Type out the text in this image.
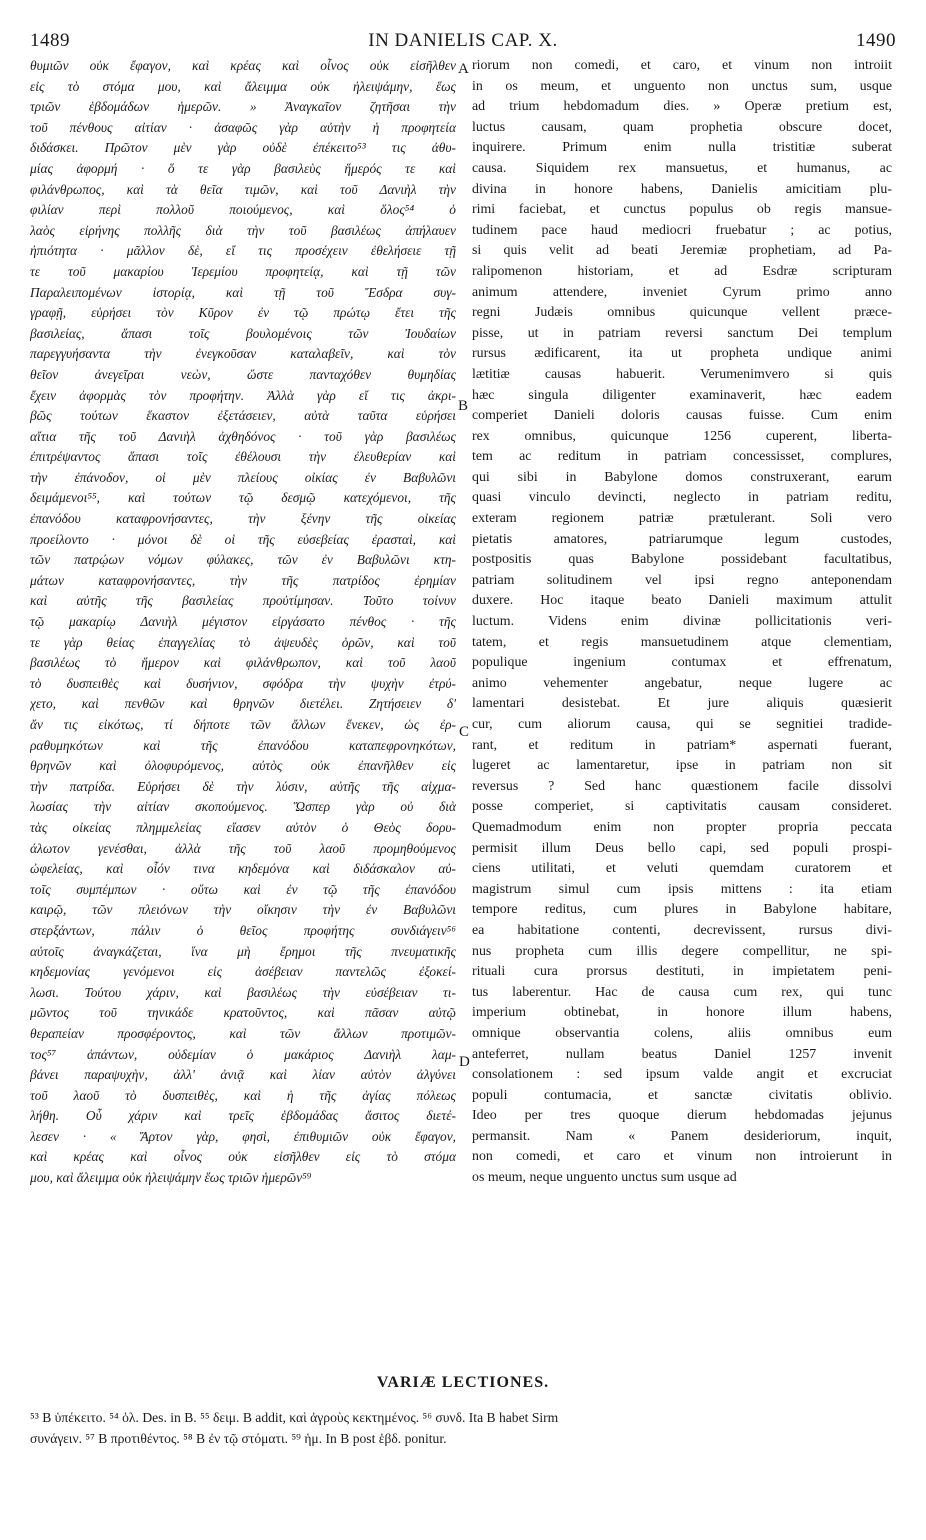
1489	IN DANIELIS CAP. X.	1490
θυμιῶν οὐκ ἔφαγον, καὶ κρέας καὶ οἶνος οὐκ εἰσῆλθεν
εἰς τὸ στόμα μου, καὶ ἄλειμμα οὐκ ἠλειψάμην, ἕως
τριῶν ἑβδομάδων ἡμερῶν. » Ἀναγκαῖον ζητῆσαι τὴν
τοῦ πένθους αἰτίαν · ἀσαφῶς γὰρ αὐτὴν ἡ προφητεία
διδάσκει. Πρῶτον μὲν γὰρ οὐδὲ ἐπέκειτο⁵³ τις ἀθυ-
μίας ἀφορμή · ὅ τε γὰρ βασιλεὺς ἥμερός τε καὶ
φιλάνθρωπος, καὶ τὰ θεῖα τιμῶν, καὶ τοῦ Δανιὴλ τὴν
φιλίαν περὶ πολλοῦ ποιούμενος, καὶ ὅλος⁵⁴ ὁ
λαὸς εἰρήνης πολλῆς διὰ τὴν τοῦ βασιλέως ἀπήλαυεν
ἠπιότητα · μᾶλλον δὲ, εἴ τις προσέχειν ἐθελήσειε τῇ
τε τοῦ μακαρίου Ἱερεμίου προφητείᾳ, καὶ τῇ τῶν
Παραλειπομένων ἱστορίᾳ, καὶ τῇ τοῦ Ἔσδρα συγ-
γραφῇ, εὑρήσει τὸν Κῦρον ἐν τῷ πρώτῳ ἔτει τῆς
βασιλείας, ἅπασι τοῖς βουλομένοις τῶν Ἰουδαίων
παρεγγυήσαντα τὴν ἐνεγκοῦσαν καταλαβεῖν, καὶ τὸν
θεῖον ἀνεγεῖραι νεὼν, ὥστε πανταχόθεν θυμηδίας
ἔχειν ἀφορμὰς τὸν προφήτην. Ἀλλὰ γὰρ εἴ τις ἀκρι-
βῶς τούτων ἕκαστον ἐξετάσειεν, αὐτὰ ταῦτα εὑρήσει
αἴτια τῆς τοῦ Δανιὴλ ἀχθηδόνος · τοῦ γὰρ βασιλέως
ἐπιτρέψαντος ἅπασι τοῖς ἐθέλουσι τὴν ἐλευθερίαν καὶ
τὴν ἐπάνοδον, οἱ μὲν πλείους οἰκίας ἐν Βαβυλῶνι
δειμάμενοι⁵⁵, καὶ τούτων τῷ δεσμῷ κατεχόμενοι, τῆς
ἐπανόδου καταφρονήσαντες, τὴν ξένην τῆς οἰκείας
προείλοντο · μόνοι δὲ οἱ τῆς εὐσεβείας ἐρασταὶ, καὶ
τῶν πατρῴων νόμων φύλακες, τῶν ἐν Βαβυλῶνι κτη-
μάτων καταφρονήσαντες, τὴν τῆς πατρίδος ἐρημίαν
καὶ αὐτῆς τῆς βασιλείας προὐτίμησαν. Τοῦτο τοίνυν
τῷ μακαρίῳ Δανιὴλ μέγιστον εἰργάσατο πένθος · τῆς
τε γὰρ θείας ἐπαγγελίας τὸ ἀψευδὲς ὁρῶν, καὶ τοῦ
βασιλέως τὸ ἥμερον καὶ φιλάνθρωπον, καὶ τοῦ λαοῦ
τὸ δυσπειθὲς καὶ δυσήνιον, σφόδρα τὴν ψυχὴν ἐτρύ-
χετο, καὶ πενθῶν καὶ θρηνῶν διετέλει. Ζητήσειεν δ'
ἄν τις εἰκότως, τί δήποτε τῶν ἄλλων ἕνεκεν, ὡς ἐρ-
ραθυμηκότων καὶ τῆς ἐπανόδου καταπεφρονηκότων,
θρηνῶν καὶ ὀλοφυρόμενος, αὐτὸς οὐκ ἐπανῆλθεν εἰς
τὴν πατρίδα. Εὑρήσει δὲ τὴν λύσιν, αὐτῆς τῆς αἰχμα-
λωσίας τὴν αἰτίαν σκοπούμενος. Ὥσπερ γὰρ οὐ διὰ
τὰς οἰκείας πλημμελείας εἴασεν αὐτὸν ὁ Θεὸς δορυ-
άλωτον γενέσθαι, ἀλλὰ τῆς τοῦ λαοῦ προμηθούμενος
ὠφελείας, καὶ οἷόν τινα κηδεμόνα καὶ διδάσκαλον αὐ-
τοῖς συμπέμπων · οὕτω καὶ ἐν τῷ τῆς ἐπανόδου
καιρῷ, τῶν πλειόνων τὴν οἴκησιν τὴν ἐν Βαβυλῶνι
στερξάντων, πάλιν ὁ θεῖος προφήτης συνδιάγειν⁵⁶
αὐτοῖς ἀναγκάζεται, ἵνα μὴ ἔρημοι τῆς πνευματικῆς
κηδεμονίας γενόμενοι εἰς ἀσέβειαν παντελῶς ἐξοκεί-
λωσι. Τούτου χάριν, καὶ βασιλέως τὴν εὐσέβειαν τι-
μῶντος τοῦ τηνικάδε κρατοῦντος, καὶ πᾶσαν αὐτῷ
θεραπείαν προσφέροντος, καὶ τῶν ἄλλων προτιμῶν-
τος⁵⁷ ἁπάντων, οὐδεμίαν ὁ μακάριος Δανιὴλ λαμ-
βάνει παραψυχὴν, ἀλλ' ἀνιᾷ καὶ λίαν αὐτὸν ἀλγύνει
τοῦ λαοῦ τὸ δυσπειθὲς, καὶ ἡ τῆς ἁγίας πόλεως
λήθη. Οὗ χάριν καὶ τρεῖς ἑβδομάδας ἄσιτος διετέ-
λεσεν · « Ἄρτον γὰρ, φησὶ, ἐπιθυμιῶν οὐκ ἔφαγον,
καὶ κρέας καὶ οἶνος οὐκ εἰσῆλθεν εἰς τὸ στόμα
μου, καὶ ἄλειμμα οὐκ ἠλειψάμην ἕως τριῶν ἡμερῶν⁵⁹
riorum non comedi, et caro, et vinum non introiit
in os meum, et unguento non unctus sum, usque
ad trium hebdomadum dies. » Operæ pretium est,
luctus causam, quam prophetia obscure docet,
inquirere. Primum enim nulla tristitiæ suberat
causa. Siquidem rex mansuetus, et humanus, ac
divina in honore habens, Danielis amicitiam plu-
rimi faciebat, et cunctus populus ob regis mansue-
tudinem pace haud mediocri fruebatur ; ac potius,
si quis velit ad beati Jeremiæ prophetiam, ad Pa-
ralipomenon historiam, et ad Esdræ scripturam
animum attendere, inveniet Cyrum primo anno
regni Judæis omnibus quicunque vellent præce-
pisse, ut in patriam reversi sanctum Dei templum
rursus ædificarent, ita ut propheta undique animi
lætitiæ causas habuerit. Verumenimvero si quis
hæc singula diligenter examinaverit, hæc eadem
comperiet Danieli doloris causas fuisse. Cum enim
rex omnibus, quicunque 1256 cuperent, liberta-
tem ac reditum in patriam concessisset, complures,
qui sibi in Babylone domos construxerant, earum
quasi vinculo devincti, neglecto in patriam reditu,
exteram regionem patriæ prætulerant. Soli vero
pietatis amatores, patriarumque legum custodes,
postpositis quas Babylone possidebant facultatibus,
patriam solitudinem vel ipsi regno anteponendam
duxere. Hoc itaque beato Danieli maximum attulit
luctum. Videns enim divinæ pollicitationis veri-
tatem, et regis mansuetudinem atque clementiam,
populique ingenium contumax et effrenatum,
animo vehementer angebatur, neque lugere ac
lamentari desistebat. Et jure aliquis quæsierit
cur, cum aliorum causa, qui se segnitiei tradide-
rant, et reditum in patriam* aspernati fuerant,
lugeret ac lamentaretur, ipse in patriam non sit
reversus ? Sed hanc quæstionem facile dissolvi
posse comperiet, si captivitatis causam consideret.
Quemadmodum enim non propter propria peccata
permisit illum Deus bello capi, sed populi prospi-
ciens utilitati, et veluti quemdam curatorem et
magistrum simul cum ipsis mittens : ita etiam
tempore reditus, cum plures in Babylone habitare,
ea habitatione contenti, decrevissent, rursus divi-
nus propheta cum illis degere compellitur, ne spi-
rituali cura prorsus destituti, in impietatem peni-
tus laberentur. Hac de causa cum rex, qui tunc
imperium obtinebat, in honore illum habens,
omnique observantia colens, aliis omnibus eum
anteferret, nullam beatus Daniel 1257 invenit
consolationem : sed ipsum valde angit et excruciat
populi contumacia, et sanctæ civitatis oblivio.
Ideo per tres quoque dierum hebdomadas jejunus
permansit. Nam « Panem desideriorum, inquit,
non comedi, et caro et vinum non introierunt in
os meum, neque unguento unctus sum usque ad
A
B
C
D
VARIÆ LECTIONES.
⁵³ B ὑπέκειτο. ⁵⁴ ὁλ. Des. in B. ⁵⁵ δειμ. B addit, καὶ ἀγροὺς κεκτημένος. ⁵⁶ συνδ. Ita B habet Sirm
συνάγειν. ⁵⁷ B προτιθέντος. ⁵⁸ B ἐν τῷ στόματι. ⁵⁹ ἡμ. In B post ἑβδ. ponitur.
